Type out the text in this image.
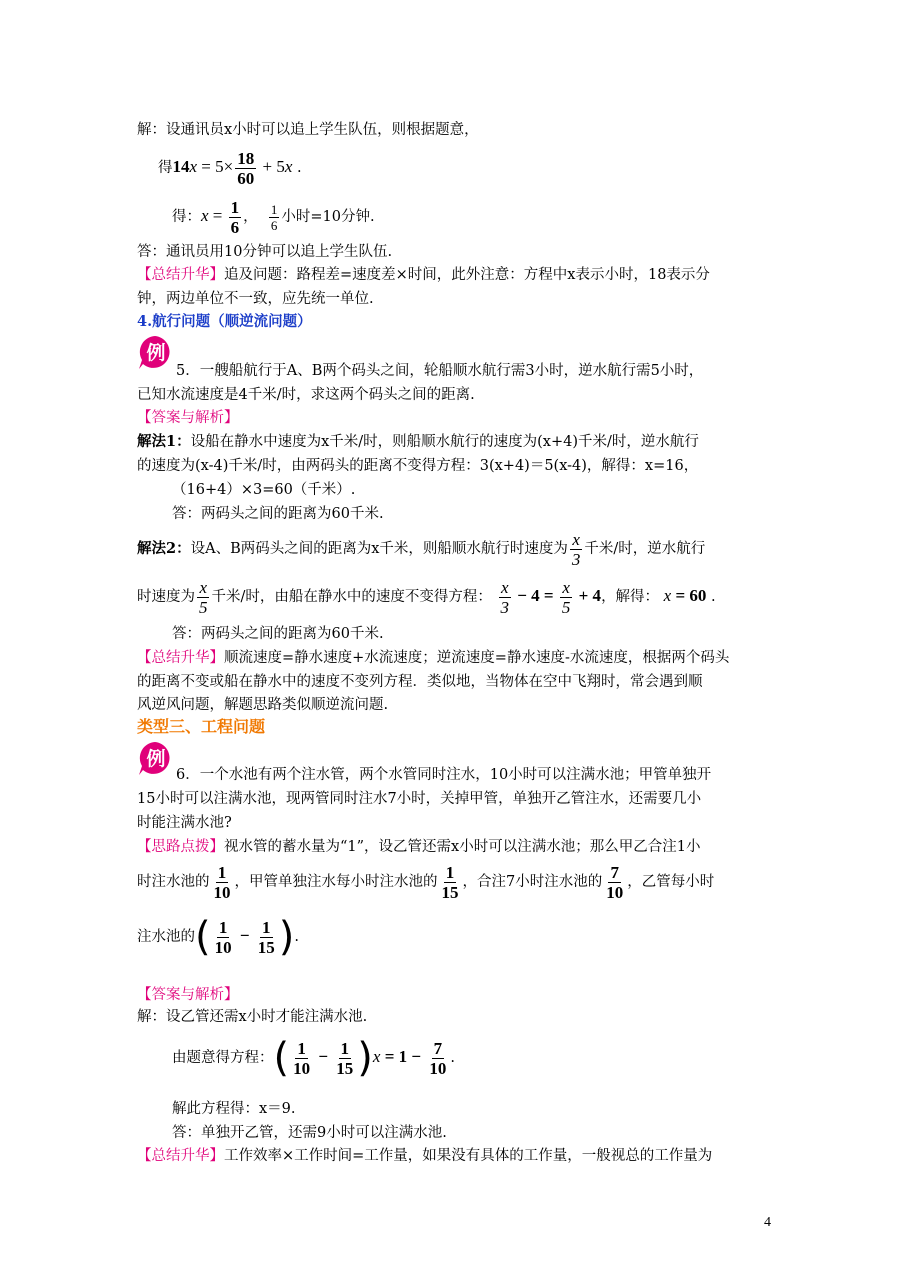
解：设通讯员x小时可以追上学生队伍，则根据题意，
得$14x = 5\times \frac{18}{60} + 5x$ .
得：$x = \frac{1}{6}$ ， $\frac{1}{6}$ 小时=10分钟.
答：通讯员用10分钟可以追上学生队伍.
【总结升华】追及问题：路程差=速度差×时间，此外注意：方程中x表示小时，18表示分
钟，两边单位不一致，应先统一单位.
4.航行问题（顺逆流问题）
例
5．一艘船航行于A、B两个码头之间，轮船顺水航行需3小时，逆水航行需5小时，
已知水流速度是4千米/时，求这两个码头之间的距离.
【答案与解析】
解法1：设船在静水中速度为x千米/时，则船顺水航行的速度为(x+4)千米/时，逆水航行
的速度为(x-4)千米/时，由两码头的距离不变得方程：3(x+4)＝5(x-4)，解得：x=16，
（16+4）×3=60（千米）.
答：两码头之间的距离为60千米.
解法2：设A、B两码头之间的距离为x千米，则船顺水航行时速度为 $\frac{x}{3}$ 千米/时，逆水航行
时速度为 $\frac{x}{5}$ 千米/时，由船在静水中的速度不变得方程： $\frac{x}{3} - 4 = \frac{x}{5} + 4$，解得： x = 60 .
答：两码头之间的距离为60千米.
【总结升华】顺流速度=静水速度+水流速度；逆流速度=静水速度-水流速度，根据两个码头
的距离不变或船在静水中的速度不变列方程．类似地，当物体在空中飞翔时，常会遇到顺
风逆风问题，解题思路类似顺逆流问题.
类型三、工程问题
例
6．一个水池有两个注水管，两个水管同时注水，10小时可以注满水池；甲管单独开
15小时可以注满水池，现两管同时注水7小时，关掉甲管，单独开乙管注水，还需要几小
时能注满水池?
【思路点拨】视水管的蓄水量为“1”，设乙管还需x小时可以注满水池；那么甲乙合注1小
时注水池的 $\frac{1}{10}$ ，甲管单独注水每小时注水池的 $\frac{1}{15}$ ，合注7小时注水池的 $\frac{7}{10}$ ，乙管每小时
注水池的( $\frac{1}{10} - \frac{1}{15}$ ).
【答案与解析】
解：设乙管还需x小时才能注满水池.
由题意得方程：( $\frac{1}{10} - \frac{1}{15} )x = 1 - \frac{7}{10}$ .
解此方程得：x＝9.
答：单独开乙管，还需9小时可以注满水池.
【总结升华】工作效率×工作时间=工作量，如果没有具体的工作量，一般视总的工作量为
4
